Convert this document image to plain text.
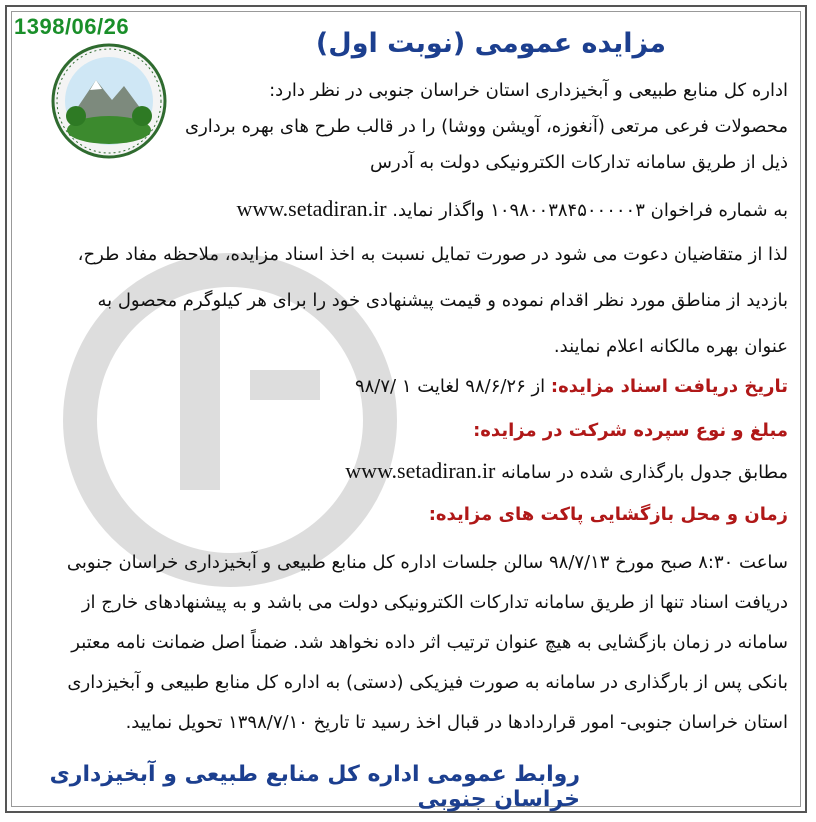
1398/06/26
مزایده عمومی (نوبت اول)
اداره کل منابع طبیعی و آبخیزداری استان خراسان جنوبی در نظر دارد:
محصولات فرعی مرتعی (آنغوزه، آویشن ووشا) را در قالب طرح های بهره برداری
ذیل از طریق سامانه تدارکات الکترونیکی دولت به آدرس
به شماره فراخوان ۱۰۹۸۰۰۳۸۴۵۰۰۰۰۰۳ واگذار نماید. www.setadiran.ir
لذا از متقاضیان دعوت می شود در صورت تمایل نسبت به اخذ اسناد مزایده، ملاحظه مفاد طرح،
بازدید از مناطق مورد نظر اقدام نموده و قیمت پیشنهادی خود را برای هر کیلوگرم محصول به
عنوان بهره مالکانه اعلام نمایند.
تاریخ دریافت اسناد مزایده: از ۹۸/۶/۲۶ لغایت ۱ /۹۸/۷
مبلغ و نوع سپرده شرکت در مزایده:
مطابق جدول بارگذاری شده در سامانه www.setadiran.ir
زمان و محل بازگشایی پاکت های مزایده:
ساعت ۸:۳۰ صبح مورخ ۹۸/۷/۱۳ سالن جلسات اداره کل منابع طبیعی و آبخیزداری خراسان جنوبی
دریافت اسناد تنها از طریق سامانه تدارکات الکترونیکی دولت می باشد و به پیشنهادهای خارج از
سامانه در زمان بازگشایی به هیچ عنوان ترتیب اثر داده نخواهد شد. ضمناً اصل ضمانت نامه معتبر
بانکی پس از بارگذاری در سامانه به صورت فیزیکی (دستی) به اداره کل منابع طبیعی و آبخیزداری
استان خراسان جنوبی- امور قراردادها در قبال اخذ رسید تا تاریخ ۱۳۹۸/۷/۱۰ تحویل نمایید.
روابط عمومی اداره کل منابع طبیعی و آبخیزداری خراسان جنوبی
